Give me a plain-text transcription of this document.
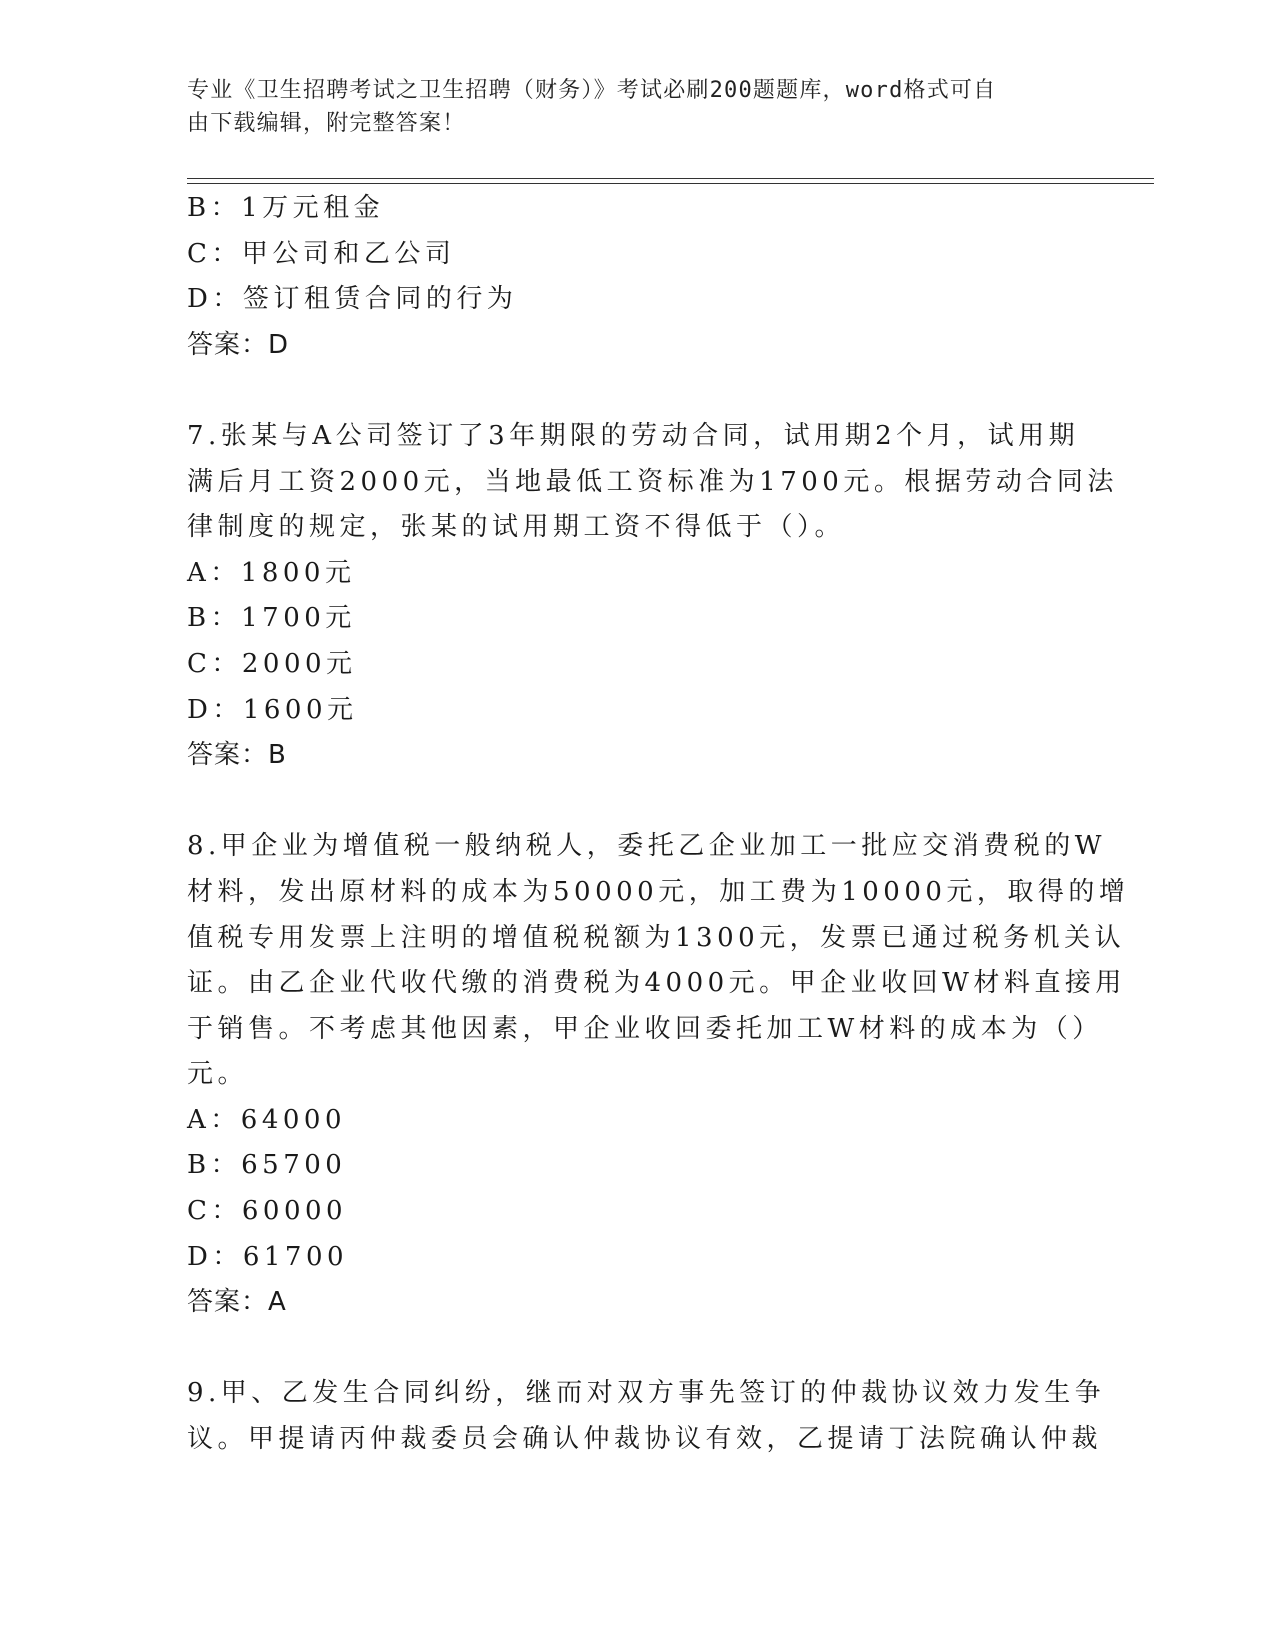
专业《卫生招聘考试之卫生招聘（财务）》考试必刷200题题库，word格式可自
由下载编辑，附完整答案！
B：1万元租金
C：甲公司和乙公司
D：签订租赁合同的行为
答案：D
7.张某与A公司签订了3年期限的劳动合同，试用期2个月，试用期
满后月工资2000元，当地最低工资标准为1700元。根据劳动合同法
律制度的规定，张某的试用期工资不得低于（）。
A：1800元
B：1700元
C：2000元
D：1600元
答案：B
8.甲企业为增值税一般纳税人，委托乙企业加工一批应交消费税的W
材料，发出原材料的成本为50000元，加工费为10000元，取得的增
值税专用发票上注明的增值税税额为1300元，发票已通过税务机关认
证。由乙企业代收代缴的消费税为4000元。甲企业收回W材料直接用
于销售。不考虑其他因素，甲企业收回委托加工W材料的成本为（）
元。
A：64000
B：65700
C：60000
D：61700
答案：A
9.甲、乙发生合同纠纷，继而对双方事先签订的仲裁协议效力发生争
议。甲提请丙仲裁委员会确认仲裁协议有效，乙提请丁法院确认仲裁
